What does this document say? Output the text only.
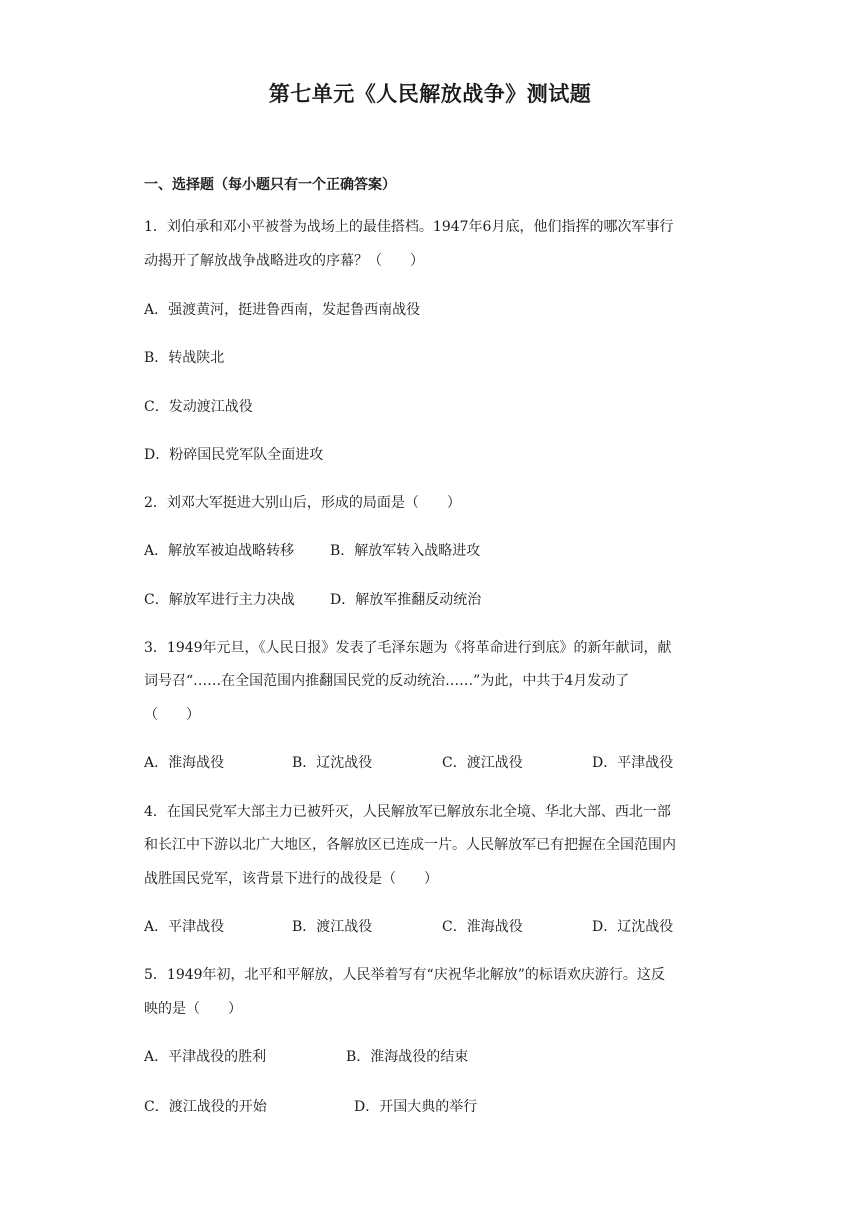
第七单元《人民解放战争》测试题
一、选择题（每小题只有一个正确答案）
1．刘伯承和邓小平被誉为战场上的最佳搭档。1947年6月底，他们指挥的哪次军事行
动揭开了解放战争战略进攻的序幕？（　　）
A．强渡黄河，挺进鲁西南，发起鲁西南战役
B．转战陕北
C．发动渡江战役
D．粉碎国民党军队全面进攻
2．刘邓大军挺进大别山后，形成的局面是（　　）
A．解放军被迫战略转移	B．解放军转入战略进攻
C．解放军进行主力决战	D．解放军推翻反动统治
3．1949年元旦，《人民日报》发表了毛泽东题为《将革命进行到底》的新年献词，献
词号召“……在全国范围内推翻国民党的反动统治……”为此，中共于4月发动了
（　　）
A．淮海战役	B．辽沈战役	C．渡江战役	D．平津战役
4．在国民党军大部主力已被歼灭，人民解放军已解放东北全境、华北大部、西北一部
和长江中下游以北广大地区，各解放区已连成一片。人民解放军已有把握在全国范围内
战胜国民党军，该背景下进行的战役是（　　）
A．平津战役	B．渡江战役	C．淮海战役	D．辽沈战役
5．1949年初，北平和平解放，人民举着写有“庆祝华北解放”的标语欢庆游行。这反
映的是（　　）
A．平津战役的胜利	B．淮海战役的结束
C．渡江战役的开始	D．开国大典的举行
